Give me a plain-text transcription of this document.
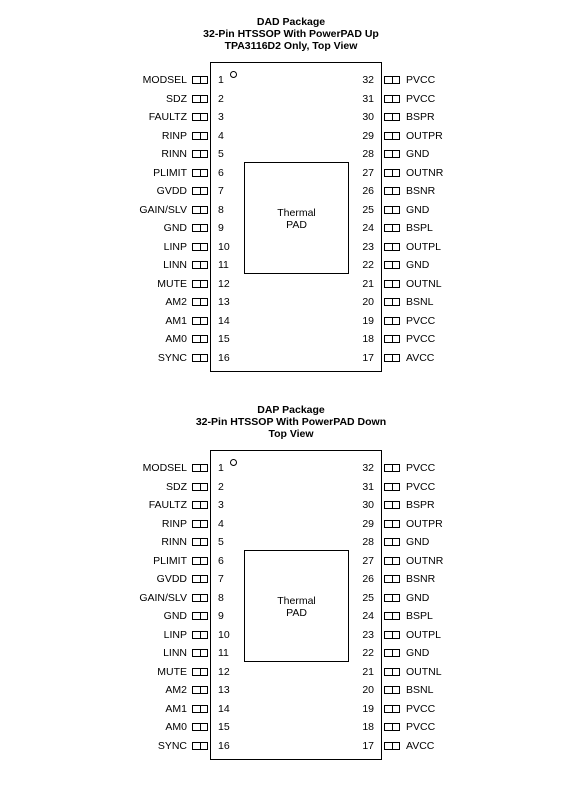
DAD Package
32-Pin HTSSOP With PowerPAD Up
TPA3116D2 Only, Top View
Thermal
PAD
MODSEL	1
SDZ	2
FAULTZ	3
RINP	4
RINN	5
PLIMIT	6
GVDD	7
GAIN/SLV	8
GND	9
LINP	10
LINN	11
MUTE	12
AM2	13
AM1	14
AM0	15
SYNC	16
32	PVCC
31	PVCC
30	BSPR
29	OUTPR
28	GND
27	OUTNR
26	BSNR
25	GND
24	BSPL
23	OUTPL
22	GND
21	OUTNL
20	BSNL
19	PVCC
18	PVCC
17	AVCC
DAP Package
32-Pin HTSSOP With PowerPAD Down
Top View
Thermal
PAD
MODSEL	1
SDZ	2
FAULTZ	3
RINP	4
RINN	5
PLIMIT	6
GVDD	7
GAIN/SLV	8
GND	9
LINP	10
LINN	11
MUTE	12
AM2	13
AM1	14
AM0	15
SYNC	16
32	PVCC
31	PVCC
30	BSPR
29	OUTPR
28	GND
27	OUTNR
26	BSNR
25	GND
24	BSPL
23	OUTPL
22	GND
21	OUTNL
20	BSNL
19	PVCC
18	PVCC
17	AVCC
